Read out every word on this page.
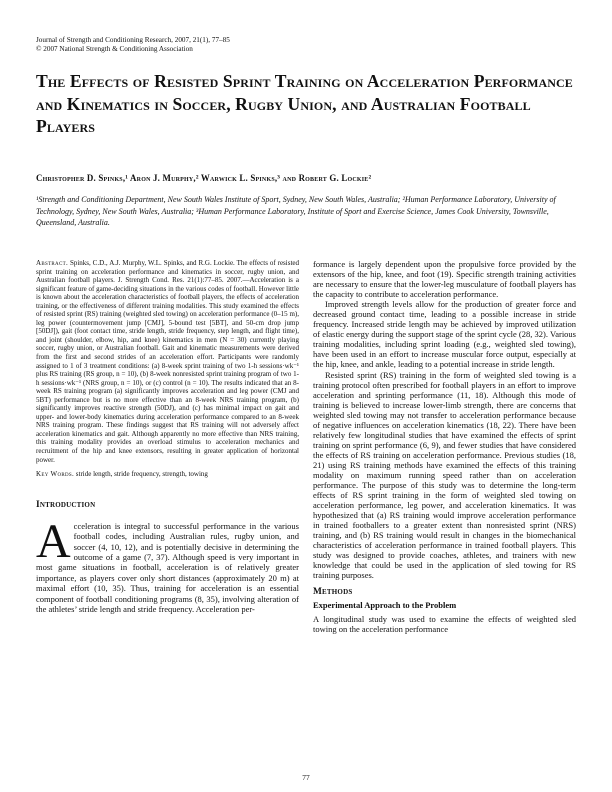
Journal of Strength and Conditioning Research, 2007, 21(1), 77–85
© 2007 National Strength & Conditioning Association
The Effects of Resisted Sprint Training on Acceleration Performance and Kinematics in Soccer, Rugby Union, and Australian Football Players
Christopher D. Spinks,¹ Aron J. Murphy,² Warwick L. Spinks,³ and Robert G. Lockie²
¹Strength and Conditioning Department, New South Wales Institute of Sport, Sydney, New South Wales, Australia; ²Human Performance Laboratory, University of Technology, Sydney, New South Wales, Australia; ³Human Performance Laboratory, Institute of Sport and Exercise Science, James Cook University, Townsville, Queensland, Australia.

Abstract. Spinks, C.D., A.J. Murphy, W.L. Spinks, and R.G. Lockie. The effects of resisted sprint training on acceleration performance and kinematics in soccer, rugby union, and Australian football players. J. Strength Cond. Res. 21(1):77–85. 2007.—Acceleration is a significant feature of game-deciding situations in the various codes of football. However little is known about the acceleration characteristics of football players, the effects of acceleration training, or the effectiveness of different training modalities. This study examined the effects of resisted sprint (RS) training (weighted sled towing) on acceleration performance (0–15 m), leg power (countermovement jump [CMJ], 5-bound test [5BT], and 50-cm drop jump [50DJ]), gait (foot contact time, stride length, stride frequency, step length, and flight time), and joint (shoulder, elbow, hip, and knee) kinematics in men (N = 30) currently playing soccer, rugby union, or Australian football. Gait and kinematic measurements were derived from the first and second strides of an acceleration effort. Participants were randomly assigned to 1 of 3 treatment conditions: (a) 8-week sprint training of two 1-h sessions·wk⁻¹ plus RS training (RS group, n = 10), (b) 8-week nonresisted sprint training program of two 1-h sessions·wk⁻¹ (NRS group, n = 10), or (c) control (n = 10). The results indicated that an 8-week RS training program (a) significantly improves acceleration and leg power (CMJ and 5BT) performance but is no more effective than an 8-week NRS training program, (b) significantly improves reactive strength (50DJ), and (c) has minimal impact on gait and upper- and lower-body kinematics during acceleration performance compared to an 8-week NRS training program. These findings suggest that RS training will not adversely affect acceleration kinematics and gait. Although apparently no more effective than NRS training, this training modality provides an overload stimulus to acceleration mechanics and recruitment of the hip and knee extensors, resulting in greater application of horizontal power.

Key Words. stride length, stride frequency, strength, towing

Introduction

Acceleration is integral to successful performance in the various football codes, including Australian rules, rugby union, and soccer (4, 10, 12), and is potentially decisive in determining the outcome of a game (7, 37). Although speed is very important in most game situations in football, acceleration is of relatively greater importance, as players cover only short distances (approximately 20 m) at maximal effort (10, 35). Thus, training for acceleration is an essential component of football conditioning programs (8, 35), involving alteration of the athletes’ stride length and stride frequency. Acceleration per-

formance is largely dependent upon the propulsive force provided by the extensors of the hip, knee, and foot (19). Specific strength training activities are necessary to ensure that the lower-leg musculature of football players has the capacity to contribute to acceleration performance.

Improved strength levels allow for the production of greater force and decreased ground contact time, leading to a possible increase in stride frequency. Increased stride length may be achieved by improved utilization of elastic energy during the support stage of the sprint cycle (28, 32). Various training modalities, including sprint loading (e.g., weighted sled towing), have been used in an effort to increase muscular force output, especially at the hip, knee, and ankle, leading to a potential increase in stride length.

Resisted sprint (RS) training in the form of weighted sled towing is a training protocol often prescribed for football players in an effort to improve acceleration and sprinting performance (11, 18). Although this mode of training is believed to increase lower-limb strength, there are concerns that weighted sled towing may not transfer to acceleration performance because of negative influences on acceleration kinematics (18, 22). There have been relatively few longitudinal studies that have examined the effects of sprint training on sprint performance (6, 9), and fewer studies that have considered the effects of RS training on acceleration performance. Previous studies (18, 21) using RS training methods have examined the effects of this training modality on maximum running speed rather than on acceleration performance. The purpose of this study was to determine the long-term effects of RS sprint training in the form of weighted sled towing on acceleration performance, leg power, and acceleration kinematics. It was hypothesized that (a) RS training would improve acceleration performance in trained footballers to a greater extent than nonresisted sprint (NRS) training, and (b) RS training would result in changes in the biomechanical characteristics of acceleration performance in trained football players. This study was designed to provide coaches, athletes, and trainers with new knowledge that could be used in the application of sled towing for RS training purposes.

Methods
Experimental Approach to the Problem

A longitudinal study was used to examine the effects of weighted sled towing on the acceleration performance

77
